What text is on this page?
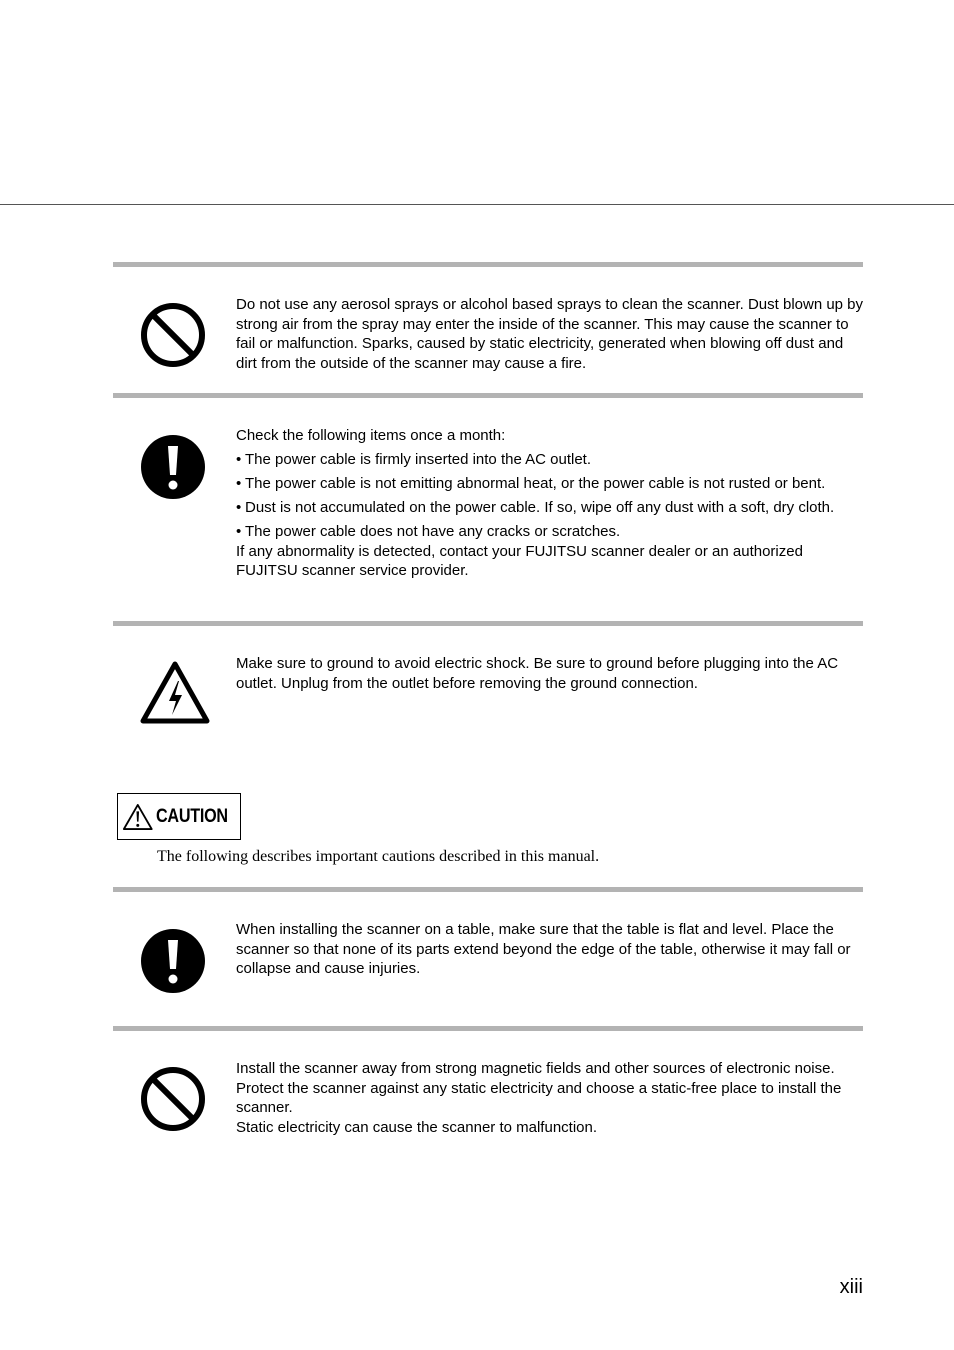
Do not use any aerosol sprays or alcohol based sprays to clean the scanner. Dust blown up by strong air from the spray may enter the inside of the scanner. This may cause the scanner to fail or malfunction. Sparks, caused by static electricity, generated when blowing off dust and dirt from the outside of the scanner may cause a fire.

Check the following items once a month:

• The power cable is firmly inserted into the AC outlet.
• The power cable is not emitting abnormal heat, or the power cable is not rusted or bent.
• Dust is not accumulated on the power cable. If so, wipe off any dust with a soft, dry cloth.
• The power cable does not have any cracks or scratches.

If any abnormality is detected, contact your FUJITSU scanner dealer or an authorized FUJITSU scanner service provider.

Make sure to ground to avoid electric shock. Be sure to ground before plugging into the AC outlet. Unplug from the outlet before removing the ground connection.

CAUTION
The following describes important cautions described in this manual.

When installing the scanner on a table, make sure that the table is flat and level. Place the scanner so that none of its parts extend beyond the edge of the table, otherwise it may fall or collapse and cause injuries.

Install the scanner away from strong magnetic fields and other sources of electronic noise. Protect the scanner against any static electricity and choose a static-free place to install the scanner.

Static electricity can cause the scanner to malfunction.

xiii
